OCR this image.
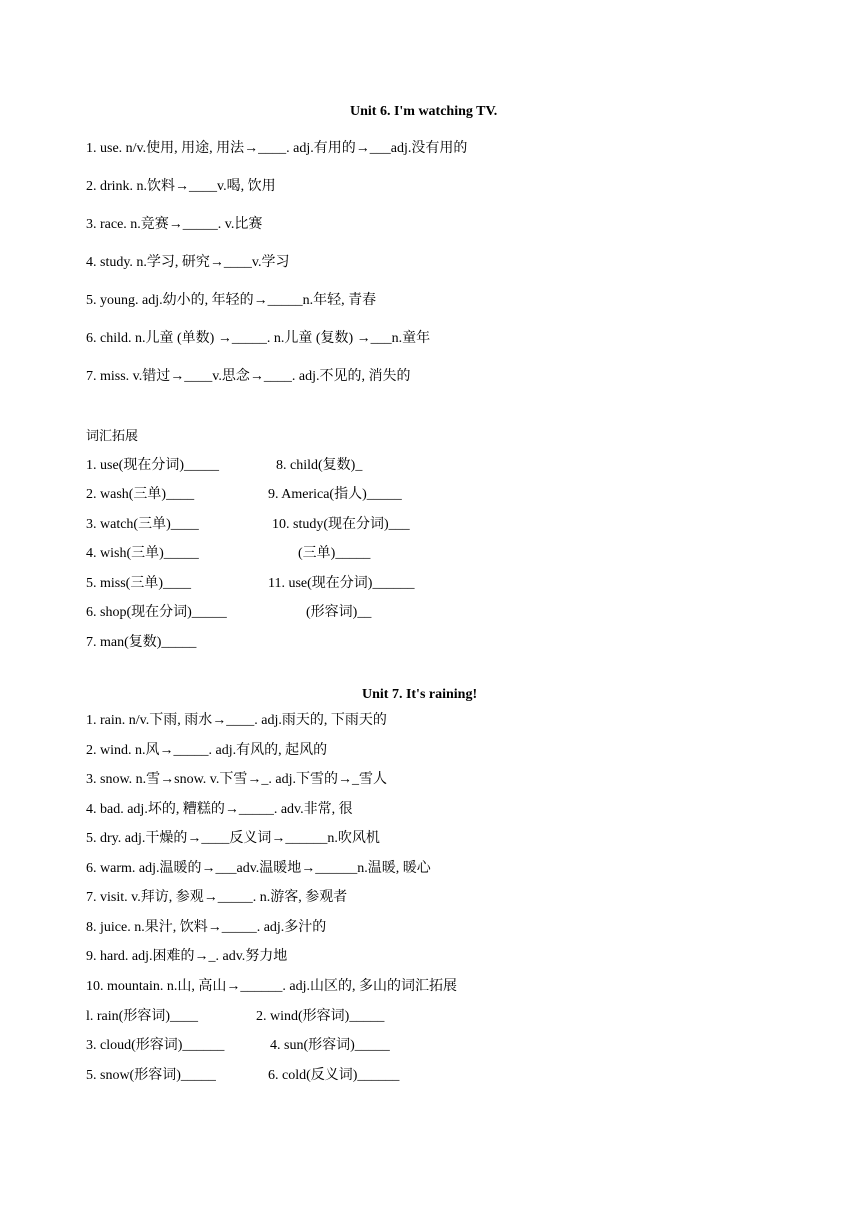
Unit 6. I'm watching TV.
1. use. n/v.使用, 用途, 用法→____. adj.有用的→___adj.没有用的
2. drink. n.饮料→____v.喝, 饮用
3. race. n.竞赛→_____. v.比赛
4. study. n.学习, 研究→____v.学习
5. young. adj.幼小的, 年轻的→_____n.年轻, 青春
6. child. n.儿童 (单数) →_____. n.儿童 (复数) →___n.童年
7. miss. v.错过→____v.思念→____. adj.不见的, 消失的
词汇拓展
1. use(现在分词)_____
2. wash(三单)____
3. watch(三单)____
4. wish(三单)_____
5. miss(三单)____
6. shop(现在分词)_____
7. man(复数)_____
8. child(复数)_
9. America(指人)_____
10. study(现在分词)___
(三单)_____
11. use(现在分词)______
(形容词)__
Unit 7. It's raining!
1. rain. n/v.下雨, 雨水→____. adj.雨天的, 下雨天的
2. wind. n.风→_____. adj.有风的, 起风的
3. snow. n.雪→snow. v.下雪→_. adj.下雪的→_雪人
4. bad. adj.坏的, 糟糕的→_____. adv.非常, 很
5. dry. adj.干燥的→____反义词→______n.吹风机
6. warm. adj.温暖的→___adv.温暖地→______n.温暖, 暖心
7. visit. v.拜访, 参观→_____. n.游客, 参观者
8. juice. n.果汁, 饮料→_____. adj.多汁的
9. hard. adj.困难的→_. adv.努力地
10. mountain. n.山, 高山→______. adj.山区的, 多山的词汇拓展
l. rain(形容词)____
3. cloud(形容词)______
5. snow(形容词)_____
2. wind(形容词)_____
4. sun(形容词)_____
6. cold(反义词)______
